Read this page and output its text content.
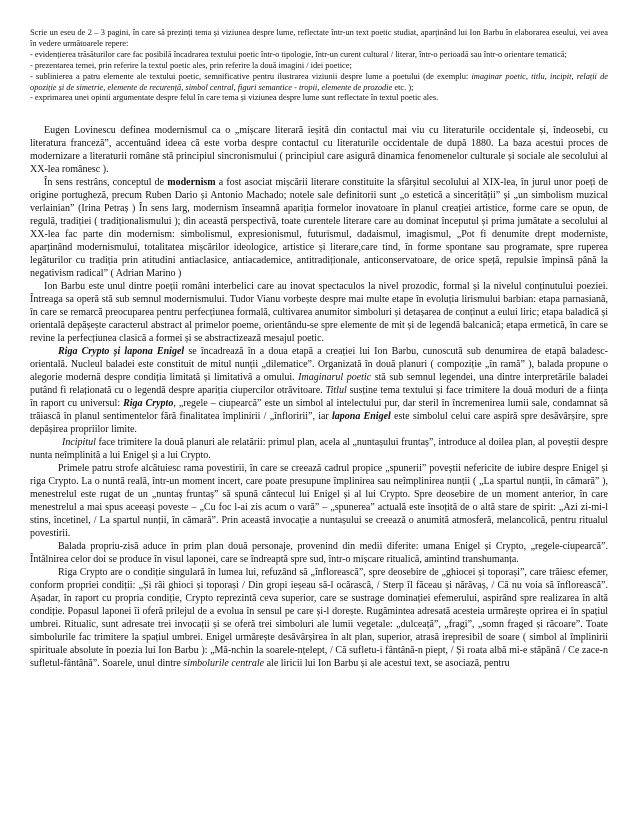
Scrie un eseu de 2 – 3 pagini, în care să prezinți tema și viziunea despre lume, reflectate într-un text poetic studiat, aparținând lui Ion Barbu în elaborarea eseului, vei avea în vedere următoarele repere:

- evidențierea trăsăturilor care fac posibilă încadrarea textului poetic într-o tipologie, într-un curent cultural / literar, într-o perioadă sau într-o orientare tematică;

- prezentarea temei, prin referire la textul poetic ales, prin referire la două imagini / idei poetice;

- sublinierea a patru elemente ale textului poetic, semnificative pentru ilustrarea viziunii despre lume a poetului (de exemplu: imaginar poetic, titlu, incipit, relații de opoziție și de simetrie, elemente de recurență, simbol central, figuri semantice - tropii, elemente de prozodie etc. );

- exprimarea unei opinii argumentate despre felul în care tema și viziunea despre lume sunt reflectate în textul poetic ales.

Eugen Lovinescu definea modernismul ca o „mișcare literară ieșită din contactul mai viu cu literaturile occidentale și, îndeosebi, cu literatura franceză”, accentuând ideea că este vorba despre contactul cu literaturile occidentale de după 1880. La baza acestui proces de modernizare a literaturii române stă principiul sincronismului ( principiul care asigură dinamica fenomenelor culturale și sociale ale secolului al XX-lea românesc ).

În sens restrâns, conceptul de modernism a fost asociat mișcării literare constituite la sfârșitul secolului al XIX-lea, în jurul unor poeți de origine portugheză, precum Ruben Dario și Antonio Machado; notele sale definitorii sunt „o estetică a sincerității” și „un simbolism muzical verlainian” (Irina Petraș ) În sens larg, modernism înseamnă apariția formelor inovatoare în planul creației artistice, forme care se opun, de regulă, tradiției ( tradiționalismului ); din această perspectivă, toate curentele literare care au dominat începutul și prima jumătate a secolului al XX-lea fac parte din modernism: simbolismul, expresionismul, futurismul, dadaismul, imagismul, „Pot fi denumite drept moderniste, aparținând modernismului, totalitatea mișcărilor ideologice, artistice și literare,care tind, în forme spontane sau programate, spre ruperea legăturilor cu tradiția prin atitudini antiaclasice, antiacademice, antitradiționale, anticonservatoare, de orice speță, repulsie împinsă până la negativism radical” ( Adrian Marino )

Ion Barbu este unul dintre poeții români interbelici care au inovat spectaculos la nivel prozodic, formal și la nivelul conținutului poeziei. Întreaga sa operă stă sub semnul modernismului. Tudor Vianu vorbește despre mai multe etape în evoluția lirismului barbian: etapa parnasiană, în care se remarcă preocuparea pentru perfecțiunea formală, cultivarea anumitor simboluri și detașarea de conținut a eului liric; etapa baladică și orientală depășește caracterul abstract al primelor poeme, orientându-se spre elemente de mit și de legendă balcanică; etapa ermetică, în care se revine la perfecțiunea clasică a formei și se abstractizează mesajul poetic.

Riga Crypto și lapona Enigel se încadrează în a doua etapă a creației lui Ion Barbu, cunoscută sub denumirea de etapă baladesc-orientală. Nucleul baladei este constituit de mitul nunții „dilematice”. Organizată în două planuri ( compoziție „în ramă” ), balada propune o alegorie modernă despre condiția limitată și limitativă a omului. Imaginarul poetic stă sub semnul legendei, una dintre interpretările baladei putând fi relaționată cu o legendă despre apariția ciupercilor otrăvitoare. Titlul susține tema textului și face trimitere la două moduri de a ființa în raport cu universul: Riga Crypto, „regele – ciupearcă” este un simbol al intelectului pur, dar steril în încremenirea lumii sale, condamnat să trăiască în planul sentimentelor fără finalitatea împlinirii / „înfloririi”, iar lapona Enigel este simbolul celui care aspiră spre desăvârșire, spre depășirea propriilor limite.

Incipitul face trimitere la două planuri ale relatării: primul plan, acela al „nuntașului fruntaș”, introduce al doilea plan, al poveștii despre nunta neîmplinită a lui Enigel și a lui Crypto.

Primele patru strofe alcătuiesc rama povestirii, în care se creează cadrul propice „spunerii” poveștii nefericite de iubire despre Enigel și riga Crypto. La o nuntă reală, într-un moment incert, care poate presupune împlinirea sau neîmplinirea nunții ( „La spartul nunții, în cămară” ), menestrelul este rugat de un „nuntaș fruntaș” să spună cântecul lui Enigel și al lui Crypto. Spre deosebire de un moment anterior, în care menestrelul a mai spus aceeași poveste – „Cu foc l-ai zis acum o vară” – „spunerea” actuală este însoțită de o altă stare de spirit: „Azi zi-mi-l stins, încetinel, / La spartul nunții, în cămară”. Prin această invocație a nuntașului se creează o anumită atmosferă, melancolică, pentru ritualul povestirii.

Balada propriu-zisă aduce în prim plan două personaje, provenind din medii diferite: umana Enigel și Crypto, „regele-ciupearcă”. Întâlnirea celor doi se produce în visul laponei, care se îndreaptă spre sud, într-o mișcare ritualică, amintind transhumanța.

Riga Crypto are o condiție singulară în lumea lui, refuzând să „înflorească”, spre deosebire de „ghiocei și toporași”, care trăiesc efemer, conform propriei condiții: „Și râi ghioci și toporași / Din gropi ieșeau să-l ocărască, / Sterp îl făceau și nărăvaș, / Că nu voia să înflorească”. Așadar, în raport cu propria condiție, Crypto reprezintă ceva superior, care se sustrage dominației efemerului, aspirând spre realizarea în altă condiție. Popasul laponei îi oferă prilejul de a evolua în sensul pe care și-l dorește. Rugămintea adresată acesteia urmărește oprirea ei în spațiul umbrei. Ritualic, sunt adresate trei invocații și se oferă trei simboluri ale lumii vegetale: „dulceață”, „fragi”, „somn fraged și răcoare”. Toate simbolurile fac trimitere la spațiul umbrei. Enigel urmărește desăvârșirea în alt plan, superior, atrasă irepresibil de soare ( simbol al împlinirii spirituale absolute în poezia lui Ion Barbu ): „Mă-nchin la soarele-nțelept, / Că sufletu-i fântână-n piept, / Și roata albă mi-e stăpână / Ce zace-n sufletul-fântână”. Soarele, unul dintre simbolurile centrale ale liricii lui Ion Barbu și ale acestui text, se asociază, pentru
